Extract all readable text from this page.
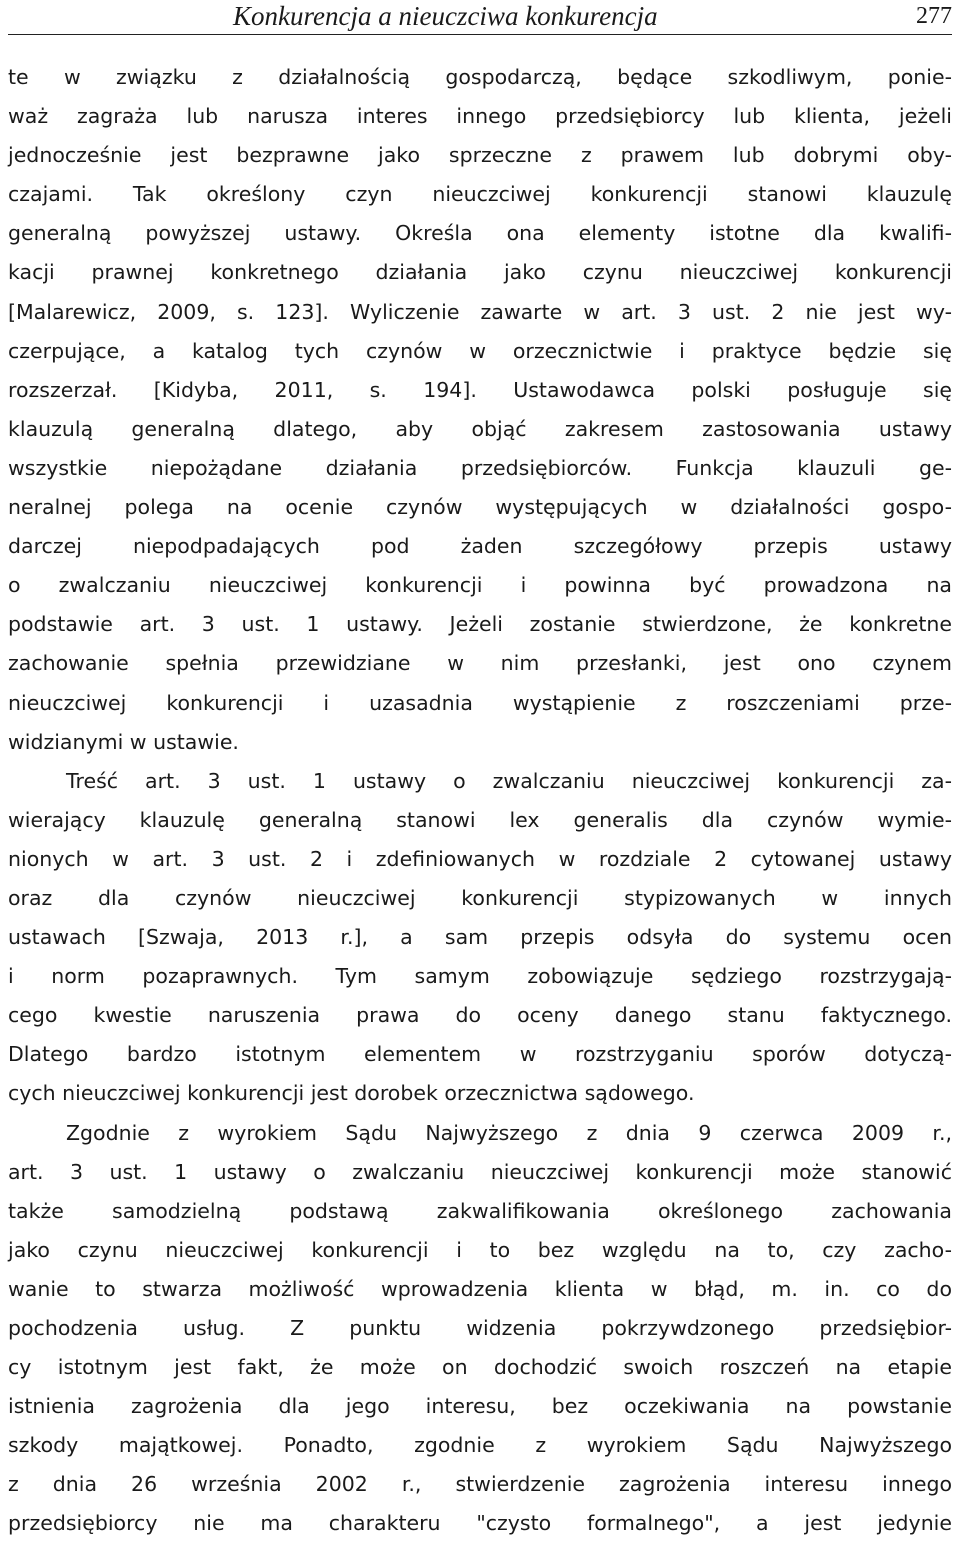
Konkurencja a nieuczciwa konkurencja	277
te w związku z działalnością gospodarczą, będące szkodliwym, ponie-
waż zagraża lub narusza interes innego przedsiębiorcy lub klienta, jeżeli
jednocześnie jest bezprawne jako sprzeczne z prawem lub dobrymi oby-
czajami. Tak określony czyn nieuczciwej konkurencji stanowi klauzulę
generalną powyższej ustawy. Określa ona elementy istotne dla kwalifi-
kacji prawnej konkretnego działania jako czynu nieuczciwej konkurencji
[Malarewicz, 2009, s. 123]. Wyliczenie zawarte w art. 3 ust. 2 nie jest wy-
czerpujące, a katalog tych czynów w orzecznictwie i praktyce będzie się
rozszerzał. [Kidyba, 2011, s. 194]. Ustawodawca polski posługuje się
klauzulą generalną dlatego, aby objąć zakresem zastosowania ustawy
wszystkie niepożądane działania przedsiębiorców. Funkcja klauzuli ge-
neralnej polega na ocenie czynów występujących w działalności gospo-
darczej niepodpadających pod żaden szczegółowy przepis ustawy
o zwalczaniu nieuczciwej konkurencji i powinna być prowadzona na
podstawie art. 3 ust. 1 ustawy. Jeżeli zostanie stwierdzone, że konkretne
zachowanie spełnia przewidziane w nim przesłanki, jest ono czynem
nieuczciwej konkurencji i uzasadnia wystąpienie z roszczeniami prze-
widzianymi w ustawie.
Treść art. 3 ust. 1 ustawy o zwalczaniu nieuczciwej konkurencji za-
wierający klauzulę generalną stanowi lex generalis dla czynów wymie-
nionych w art. 3 ust. 2 i zdefiniowanych w rozdziale 2 cytowanej ustawy
oraz dla czynów nieuczciwej konkurencji stypizowanych w innych
ustawach [Szwaja, 2013 r.], a sam przepis odsyła do systemu ocen
i norm pozaprawnych. Tym samym zobowiązuje sędziego rozstrzygają-
cego kwestie naruszenia prawa do oceny danego stanu faktycznego.
Dlatego bardzo istotnym elementem w rozstrzyganiu sporów dotyczą-
cych nieuczciwej konkurencji jest dorobek orzecznictwa sądowego.
Zgodnie z wyrokiem Sądu Najwyższego z dnia 9 czerwca 2009 r.,
art. 3 ust. 1 ustawy o zwalczaniu nieuczciwej konkurencji może stanowić
także samodzielną podstawą zakwalifikowania określonego zachowania
jako czynu nieuczciwej konkurencji i to bez względu na to, czy zacho-
wanie to stwarza możliwość wprowadzenia klienta w błąd, m. in. co do
pochodzenia usług. Z punktu widzenia pokrzywdzonego przedsiębior-
cy istotnym jest fakt, że może on dochodzić swoich roszczeń na etapie
istnienia zagrożenia dla jego interesu, bez oczekiwania na powstanie
szkody majątkowej. Ponadto, zgodnie z wyrokiem Sądu Najwyższego
z dnia 26 września 2002 r., stwierdzenie zagrożenia interesu innego
przedsiębiorcy nie ma charakteru "czysto formalnego", a jest jedynie
